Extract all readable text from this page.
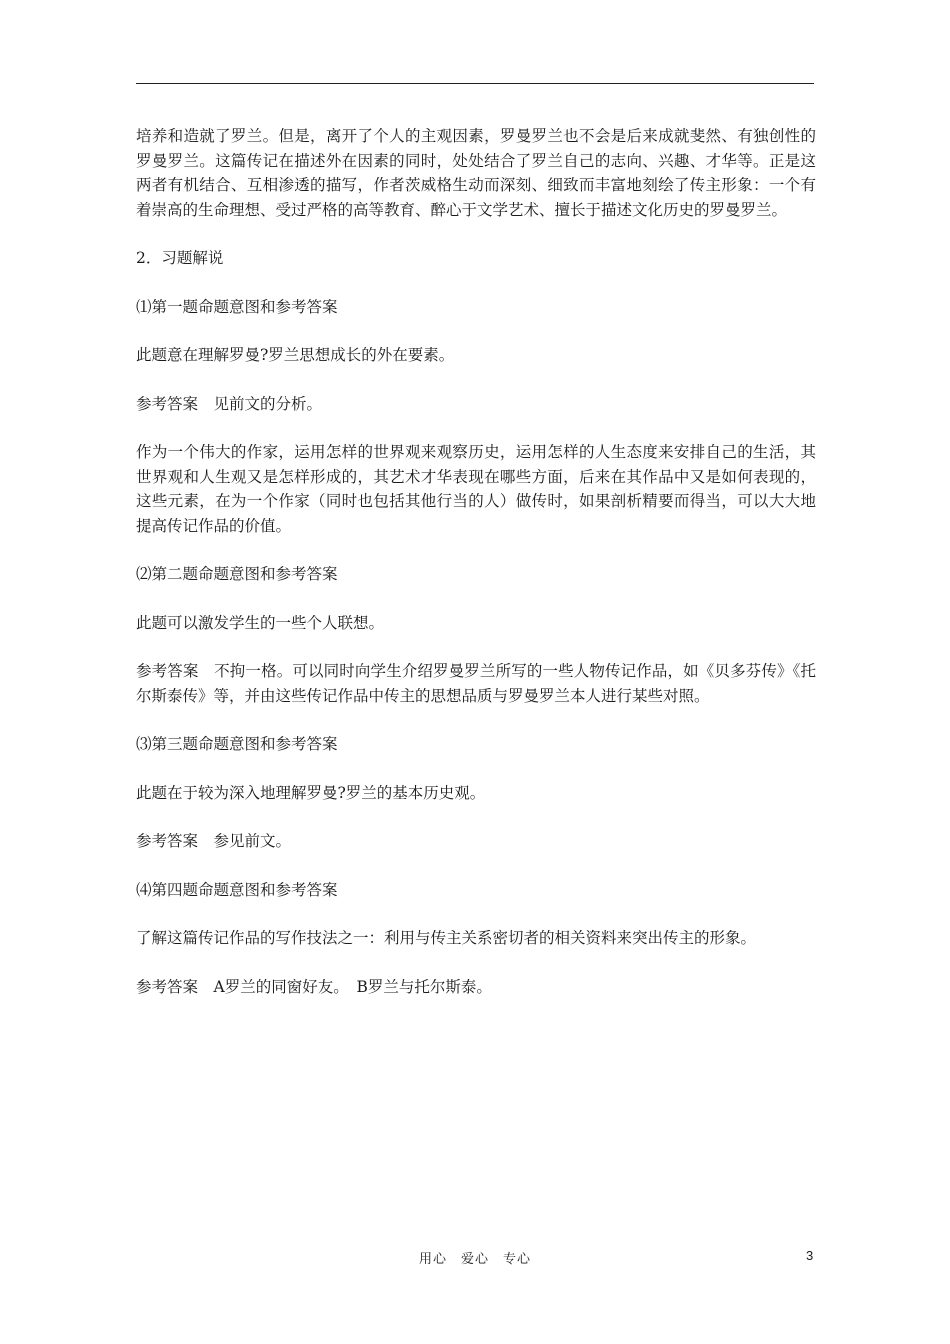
培养和造就了罗兰。但是，离开了个人的主观因素，罗曼罗兰也不会是后来成就斐然、有独创性的罗曼罗兰。这篇传记在描述外在因素的同时，处处结合了罗兰自己的志向、兴趣、才华等。正是这两者有机结合、互相渗透的描写，作者茨威格生动而深刻、细致而丰富地刻绘了传主形象：一个有着崇高的生命理想、受过严格的高等教育、醉心于文学艺术、擅长于描述文化历史的罗曼罗兰。

2．习题解说

⑴第一题命题意图和参考答案

此题意在理解罗曼?罗兰思想成长的外在要素。

参考答案　见前文的分析。

作为一个伟大的作家，运用怎样的世界观来观察历史，运用怎样的人生态度来安排自己的生活，其世界观和人生观又是怎样形成的，其艺术才华表现在哪些方面，后来在其作品中又是如何表现的，这些元素，在为一个作家（同时也包括其他行当的人）做传时，如果剖析精要而得当，可以大大地提高传记作品的价值。

⑵第二题命题意图和参考答案

此题可以激发学生的一些个人联想。

参考答案　不拘一格。可以同时向学生介绍罗曼罗兰所写的一些人物传记作品，如《贝多芬传》《托尔斯泰传》等，并由这些传记作品中传主的思想品质与罗曼罗兰本人进行某些对照。

⑶第三题命题意图和参考答案

此题在于较为深入地理解罗曼?罗兰的基本历史观。

参考答案　参见前文。

⑷第四题命题意图和参考答案

了解这篇传记作品的写作技法之一：利用与传主关系密切者的相关资料来突出传主的形象。

参考答案　A罗兰的同窗好友。　B罗兰与托尔斯泰。

用心　爱心　专心	3
